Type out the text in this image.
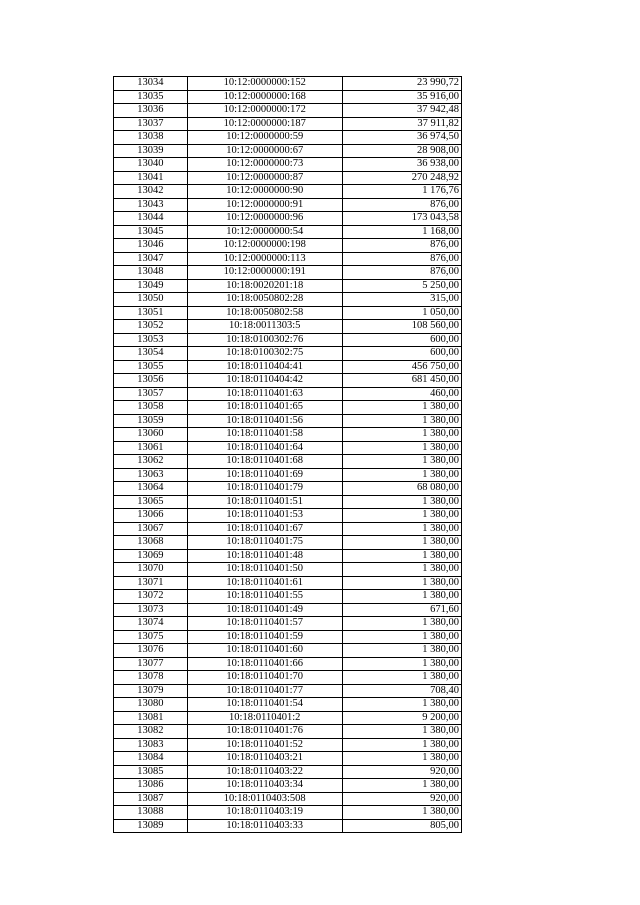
13034	10:12:0000000:152	23 990,72
13035	10:12:0000000:168	35 916,00
13036	10:12:0000000:172	37 942,48
13037	10:12:0000000:187	37 911,82
13038	10:12:0000000:59	36 974,50
13039	10:12:0000000:67	28 908,00
13040	10:12:0000000:73	36 938,00
13041	10:12:0000000:87	270 248,92
13042	10:12:0000000:90	1 176,76
13043	10:12:0000000:91	876,00
13044	10:12:0000000:96	173 043,58
13045	10:12:0000000:54	1 168,00
13046	10:12:0000000:198	876,00
13047	10:12:0000000:113	876,00
13048	10:12:0000000:191	876,00
13049	10:18:0020201:18	5 250,00
13050	10:18:0050802:28	315,00
13051	10:18:0050802:58	1 050,00
13052	10:18:0011303:5	108 560,00
13053	10:18:0100302:76	600,00
13054	10:18:0100302:75	600,00
13055	10:18:0110404:41	456 750,00
13056	10:18:0110404:42	681 450,00
13057	10:18:0110401:63	460,00
13058	10:18:0110401:65	1 380,00
13059	10:18:0110401:56	1 380,00
13060	10:18:0110401:58	1 380,00
13061	10:18:0110401:64	1 380,00
13062	10:18:0110401:68	1 380,00
13063	10:18:0110401:69	1 380,00
13064	10:18:0110401:79	68 080,00
13065	10:18:0110401:51	1 380,00
13066	10:18:0110401:53	1 380,00
13067	10:18:0110401:67	1 380,00
13068	10:18:0110401:75	1 380,00
13069	10:18:0110401:48	1 380,00
13070	10:18:0110401:50	1 380,00
13071	10:18:0110401:61	1 380,00
13072	10:18:0110401:55	1 380,00
13073	10:18:0110401:49	671,60
13074	10:18:0110401:57	1 380,00
13075	10:18:0110401:59	1 380,00
13076	10:18:0110401:60	1 380,00
13077	10:18:0110401:66	1 380,00
13078	10:18:0110401:70	1 380,00
13079	10:18:0110401:77	708,40
13080	10:18:0110401:54	1 380,00
13081	10:18:0110401:2	9 200,00
13082	10:18:0110401:76	1 380,00
13083	10:18:0110401:52	1 380,00
13084	10:18:0110403:21	1 380,00
13085	10:18:0110403:22	920,00
13086	10:18:0110403:34	1 380,00
13087	10:18:0110403:508	920,00
13088	10:18:0110403:19	1 380,00
13089	10:18:0110403:33	805,00
